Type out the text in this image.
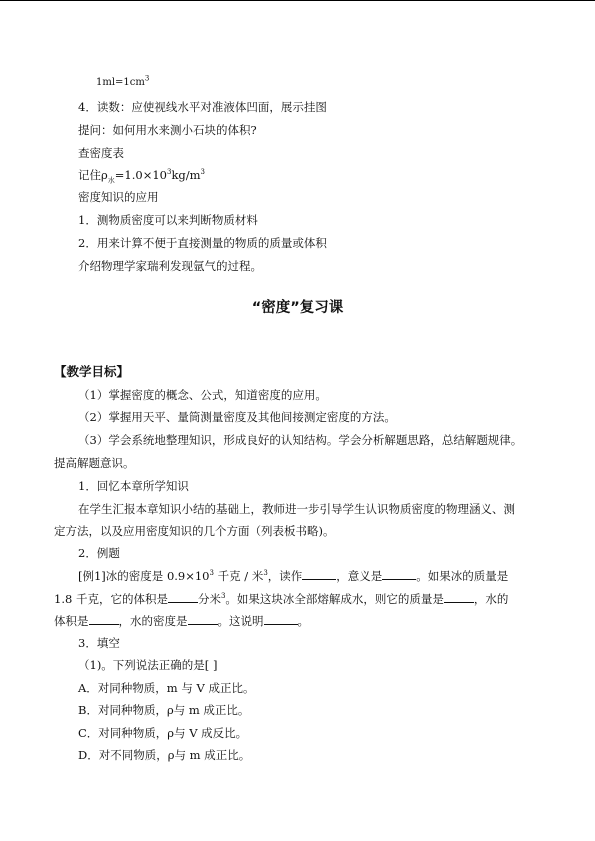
$1ml=1cm^3$
4．读数：应使视线水平对准液体凹面，展示挂图
提问：如何用水来测小石块的体积?
查密度表
记住$\rho_水=1.0\times 10^3kg/m^3$
密度知识的应用
1．测物质密度可以来判断物质材料
2．用来计算不便于直接测量的物质的质量或体积
介绍物理学家瑞利发现氩气的过程。
“密度”复习课
【教学目标】
（1）掌握密度的概念、公式，知道密度的应用。
（2）掌握用天平、量筒测量密度及其他间接测定密度的方法。
（3）学会系统地整理知识，形成良好的认知结构。学会分析解题思路，总结解题规律。
提高解题意识。
1．回忆本章所学知识
在学生汇报本章知识小结的基础上，教师进一步引导学生认识物质密度的物理涵义、测
定方法，以及应用密度知识的几个方面（列表板书略)。
2．例题
[例1]冰的密度是 $0.9\times 10^3$ 千克 / 米$^3$，读作	，意义是	。如果冰的质量是
1.8 千克，它的体积是	分米$^3$。如果这块冰全部熔解成水，则它的质量是	，水的
体积是	，水的密度是	。这说明	。
3．填空
（1)。下列说法正确的是[ ]
A．对同种物质，m 与 V 成正比。
B．对同种物质，ρ与 m 成正比。
C．对同种物质，ρ与 V 成反比。
D．对不同物质，ρ与 m 成正比。
